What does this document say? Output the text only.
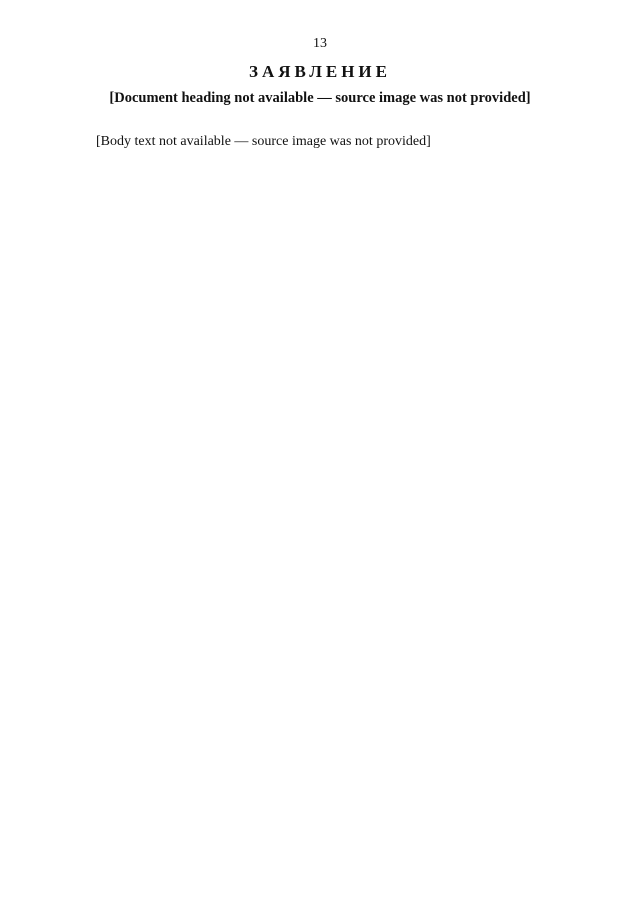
13
ЗАЯВЛЕНИЕ
[Document heading not available — source image was not provided]

[Body text not available — source image was not provided]
